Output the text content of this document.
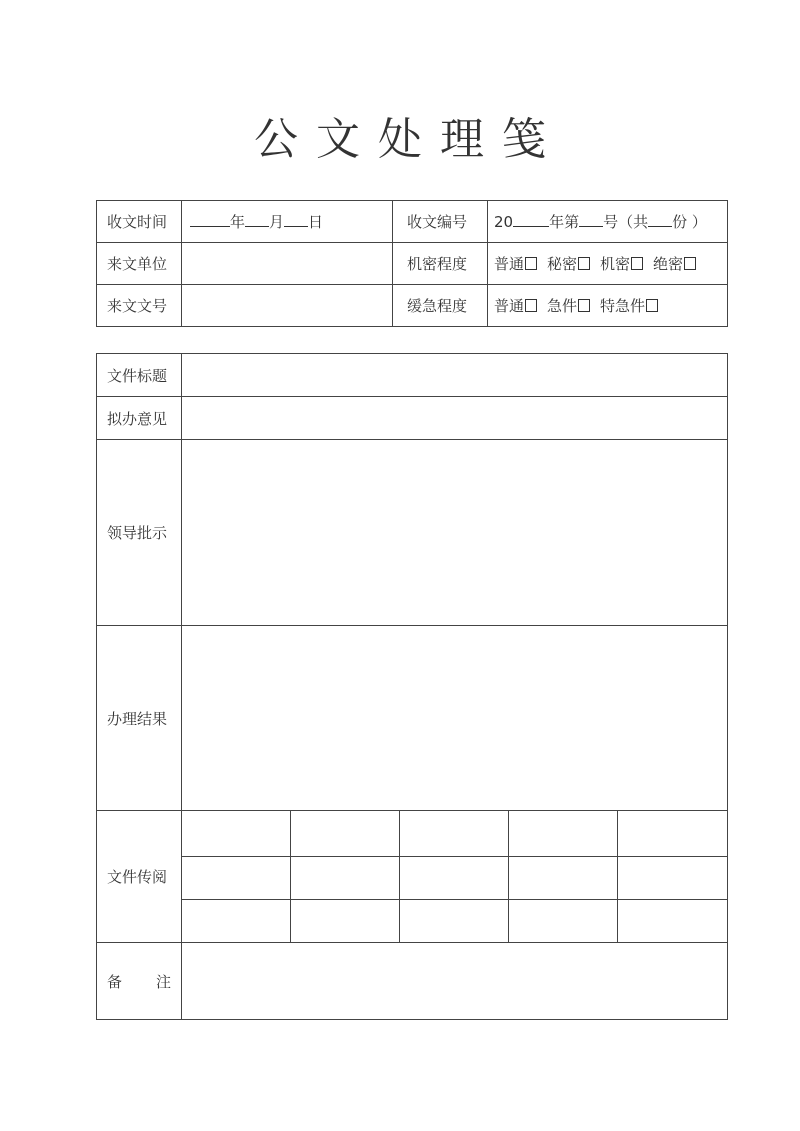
公文处理笺
收文时间	年 月 日	收文编号	20 年第 号（共 份 ）
来文单位		机密程度	普通 秘密 机密 绝密
来文文号		缓急程度	普通 急件 特急件
文件标题					
拟办意见					
领导批示					
办理结果					
文件传阅					

备 注					
